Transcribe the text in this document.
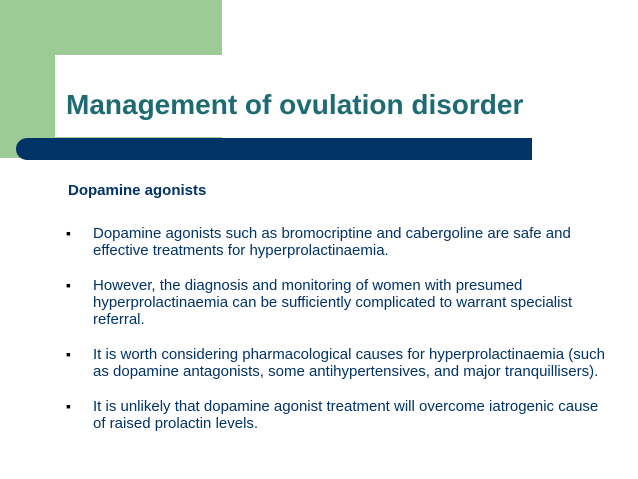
Management of ovulation disorder
Dopamine agonists
▪ Dopamine agonists such as bromocriptine and cabergoline are safe and effective treatments for hyperprolactinaemia.
▪ However, the diagnosis and monitoring of women with presumed hyperprolactinaemia can be sufficiently complicated to warrant specialist referral.
▪ It is worth considering pharmacological causes for hyperprolactinaemia (such as dopamine antagonists, some antihypertensives, and major tranquillisers).
▪ It is unlikely that dopamine agonist treatment will overcome iatrogenic cause of raised prolactin levels.
